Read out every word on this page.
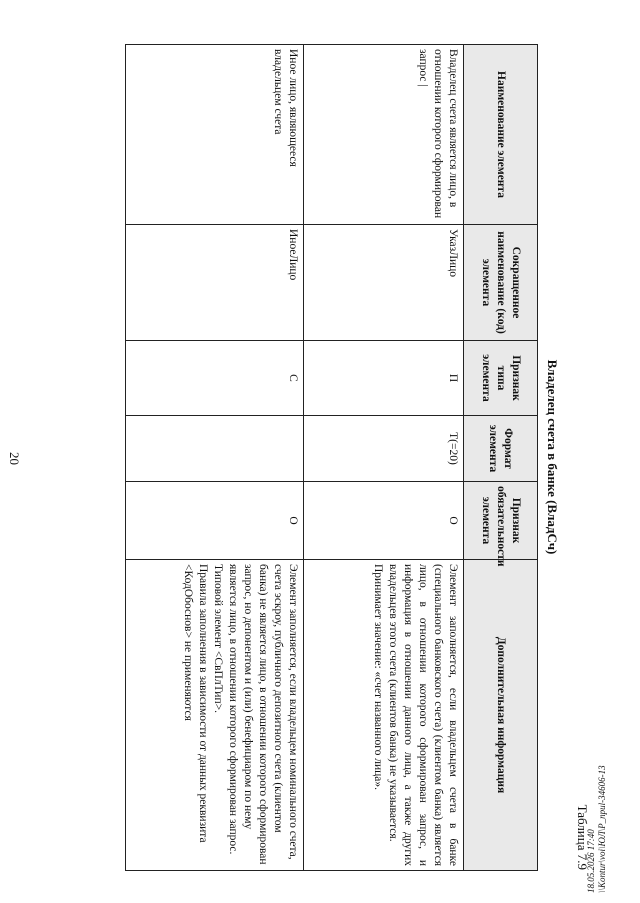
20
Таблица 7.9
Владелец счета в банке (ВладСч)
Наименование элемента	Сокращенное наименование (код) элемента	Признак типа элемента	Формат элемента	Признак обязательности элемента	Дополнительная информация
Владелец счета является лицо, в отношении которого сформирован запрос |	УказЛицо	П	T(=20)	О	Элемент заполняется, если владельцем счета в банке (специального банковского счета) (клиентом банка) является лицо, в отношении которого сформирован запрос, и информация в отношении данного лица, а также других владельцев этого счета (клиентов банка) не указывается.
Принимает значение: «счет названного лица».

Иное лицо, являющееся владельцем счета	ИноеЛицо	С		О	Элемент заполняется, если владельцем номинального счета, счета эскроу, публичного депозитного счета (клиентом банка) не является лицо, в отношении которого сформирован запрос, но депонентом и (или) бенефициаром по нему является лицо, в отношении которого сформирован запрос.
Типовой элемент <СвПлТип>.
Правила заполнения в зависимости от данных реквизита <КодОбоснов> не применяются
18.05.2026 17:40 \\Kontur\voi\ЮЛ\Р_приl-34606-13
